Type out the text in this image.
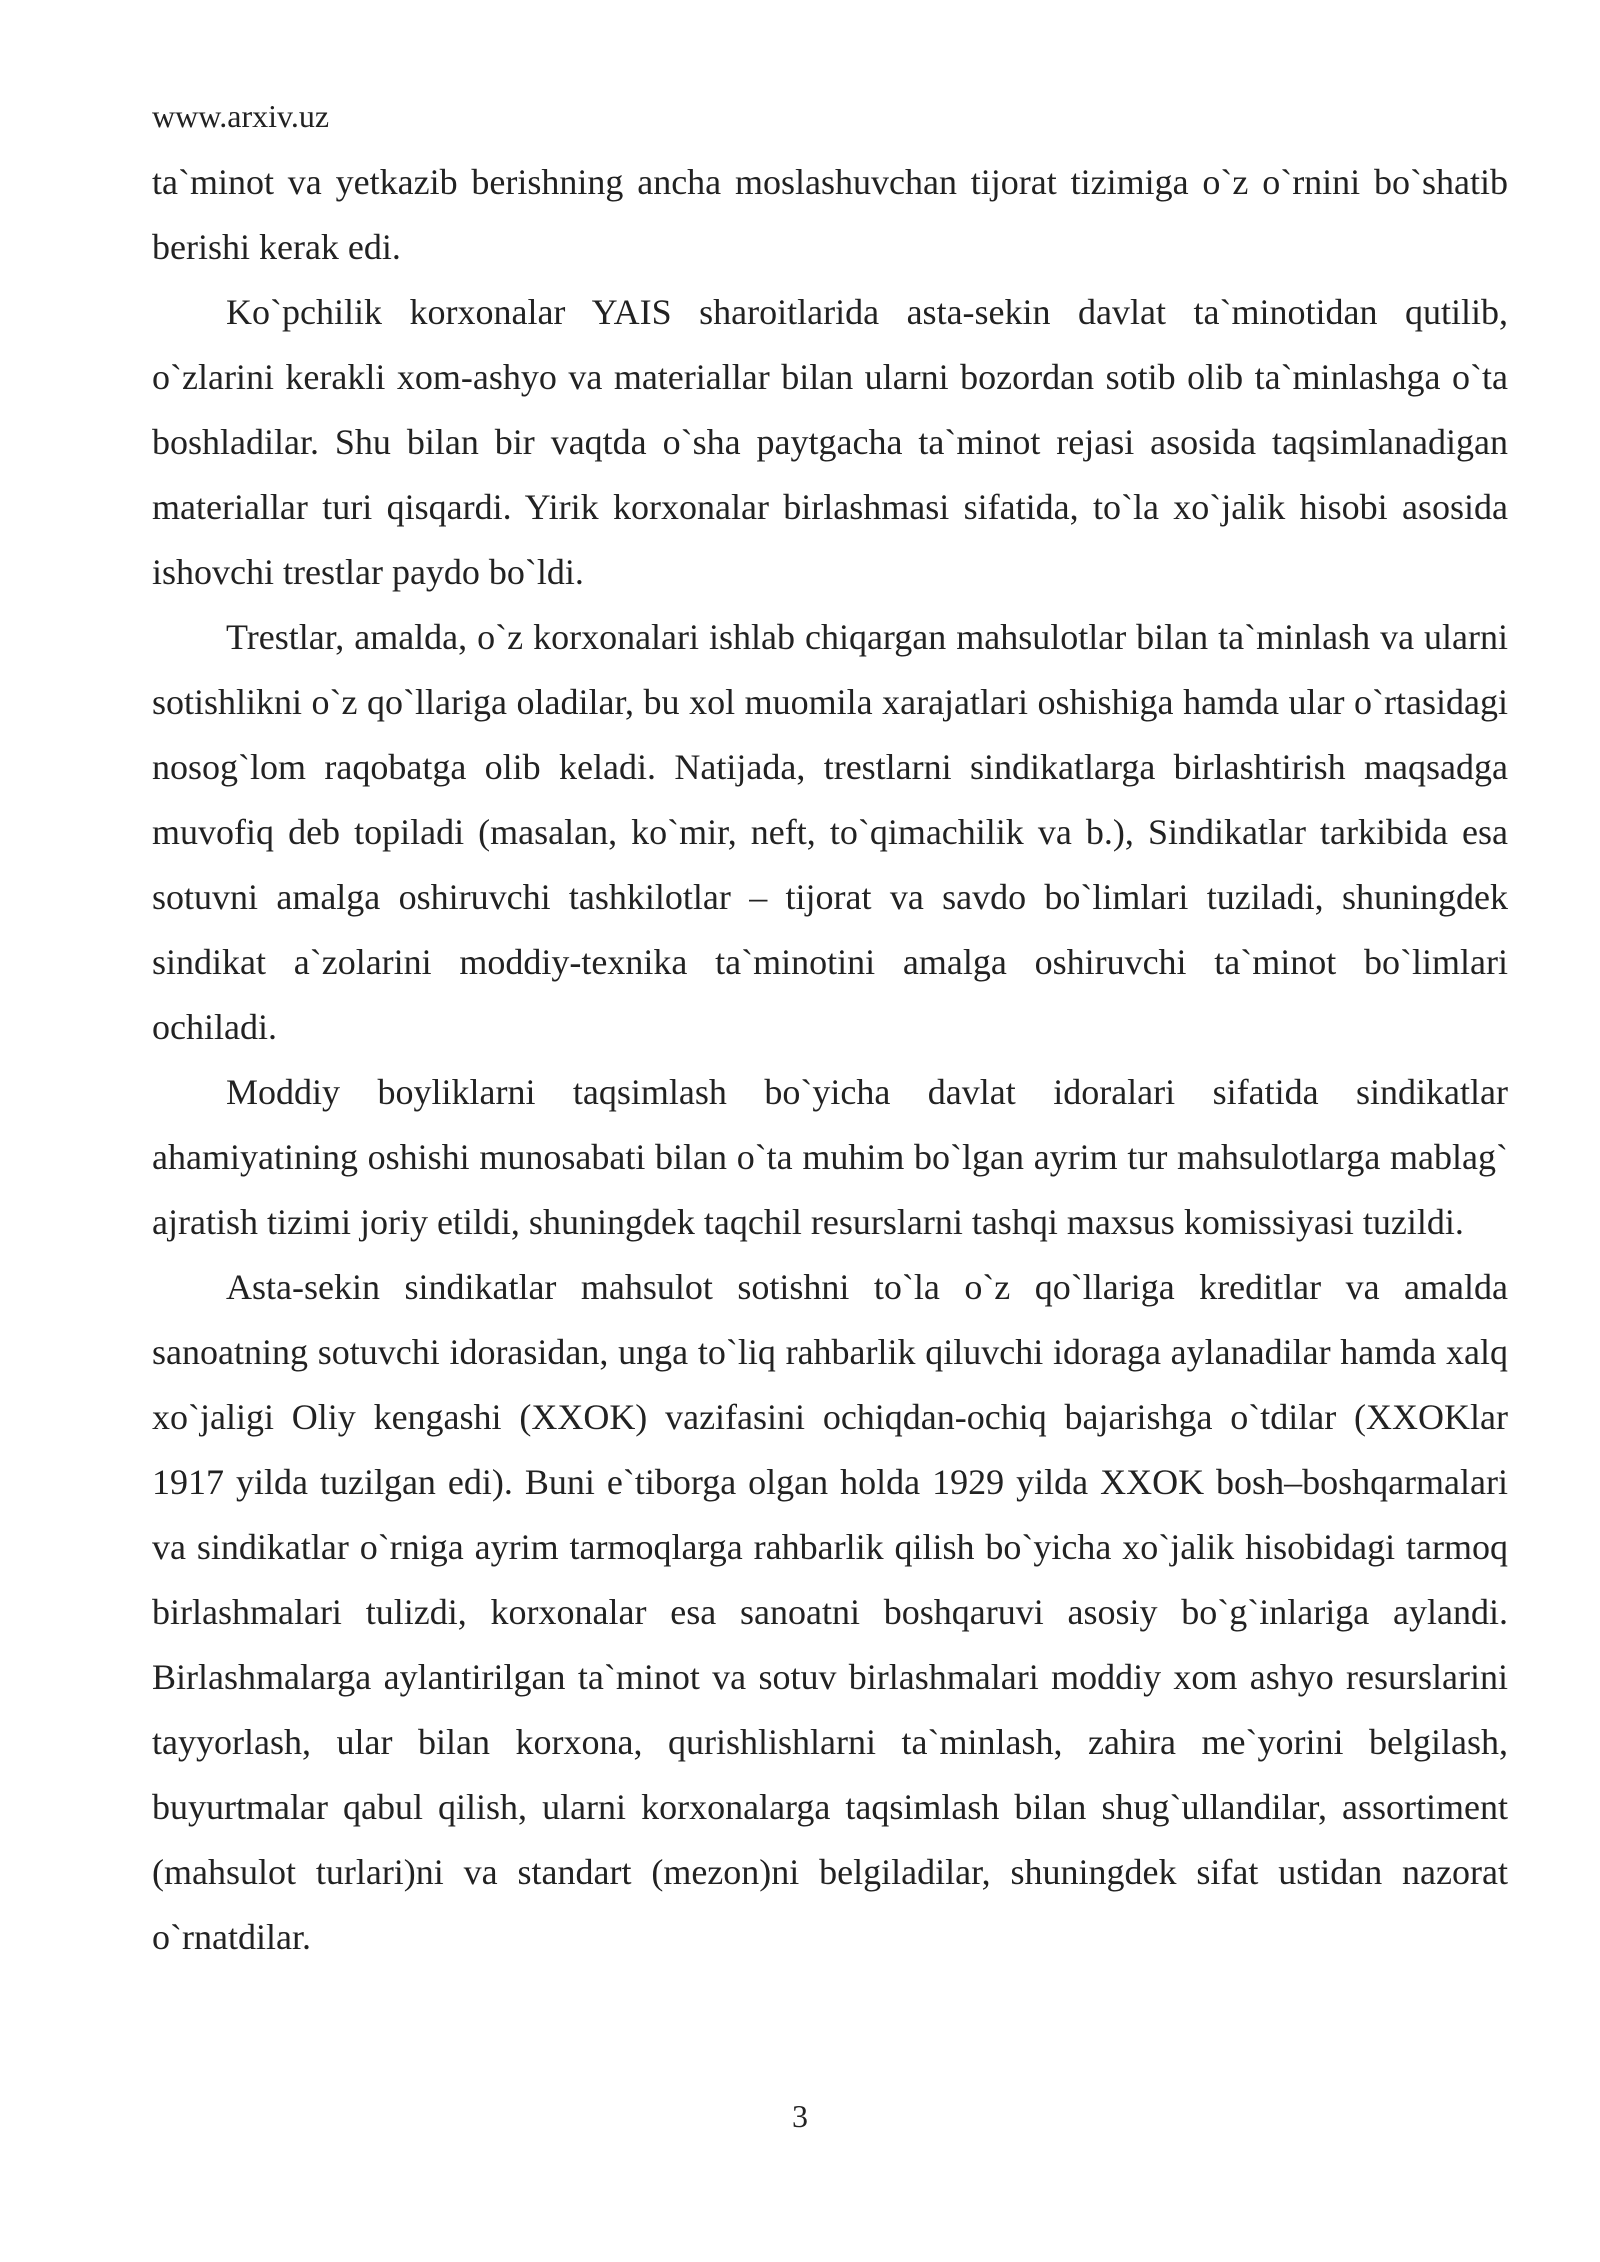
www.arxiv.uz

ta`minot va yetkazib berishning ancha moslashuvchan tijorat tizimiga o`z o`rnini bo`shatib berishi kerak edi.

Ko`pchilik korxonalar YAIS sharoitlarida asta-sekin davlat ta`minotidan qutilib, o`zlarini kerakli xom-ashyo va materiallar bilan ularni bozordan sotib olib ta`minlashga o`ta boshladilar. Shu bilan bir vaqtda o`sha paytgacha ta`minot rejasi asosida taqsimlanadigan materiallar turi qisqardi. Yirik korxonalar birlashmasi sifatida, to`la xo`jalik hisobi asosida ishovchi trestlar paydo bo`ldi.

Trestlar, amalda, o`z korxonalari ishlab chiqargan mahsulotlar bilan ta`minlash va ularni sotishlikni o`z qo`llariga oladilar, bu xol muomila xarajatlari oshishiga hamda ular o`rtasidagi nosog`lom raqobatga olib keladi. Natijada, trestlarni sindikatlarga birlashtirish maqsadga muvofiq deb topiladi (masalan, ko`mir, neft, to`qimachilik va b.), Sindikatlar tarkibida esa sotuvni amalga oshiruvchi tashkilotlar – tijorat va savdo bo`limlari tuziladi, shuningdek sindikat a`zolarini moddiy-texnika ta`minotini amalga oshiruvchi ta`minot bo`limlari ochiladi.

Moddiy boyliklarni taqsimlash bo`yicha davlat idoralari sifatida sindikatlar ahamiyatining oshishi munosabati bilan o`ta muhim bo`lgan ayrim tur mahsulotlarga mablag` ajratish tizimi joriy etildi, shuningdek taqchil resurslarni tashqi maxsus komissiyasi tuzildi.

Asta-sekin sindikatlar mahsulot sotishni to`la o`z qo`llariga kreditlar va amalda sanoatning sotuvchi idorasidan, unga to`liq rahbarlik qiluvchi idoraga aylanadilar hamda xalq xo`jaligi Oliy kengashi (XXOK) vazifasini ochiqdan-ochiq bajarishga o`tdilar (XXOKlar 1917 yilda tuzilgan edi). Buni e`tiborga olgan holda 1929 yilda XXOK bosh–boshqarmalari va sindikatlar o`rniga ayrim tarmoqlarga rahbarlik qilish bo`yicha xo`jalik hisobidagi tarmoq birlashmalari tulizdi, korxonalar esa sanoatni boshqaruvi asosiy bo`g`inlariga aylandi. Birlashmalarga aylantirilgan ta`minot va sotuv birlashmalari moddiy xom ashyo resurslarini tayyorlash, ular bilan korxona, qurishlishlarni ta`minlash, zahira me`yorini belgilash, buyurtmalar qabul qilish, ularni korxonalarga taqsimlash bilan shug`ullandilar, assortiment (mahsulot turlari)ni va standart (mezon)ni belgiladilar, shuningdek sifat ustidan nazorat o`rnatdilar.

3
